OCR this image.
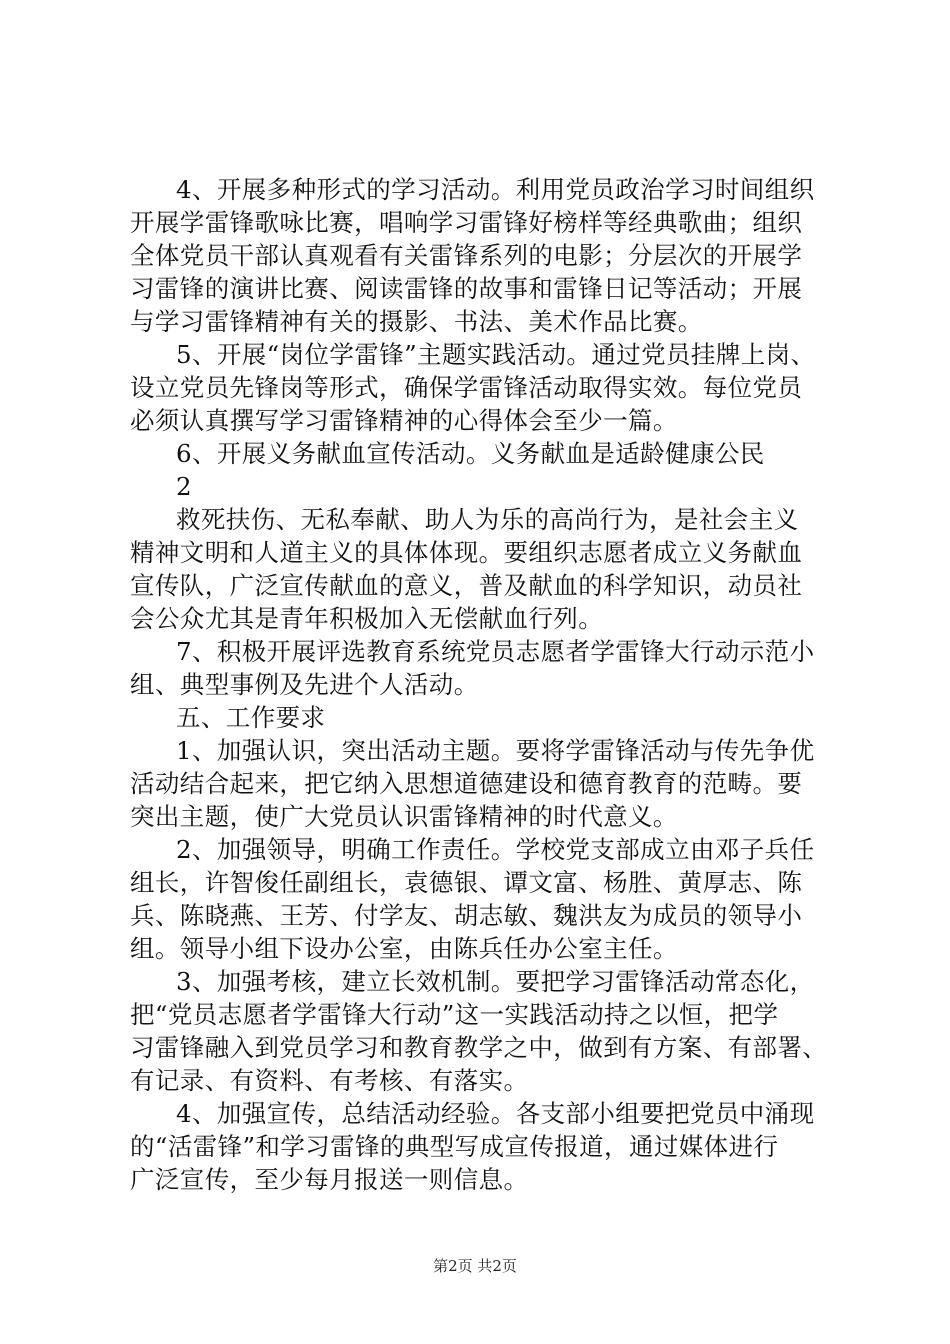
4、开展多种形式的学习活动。利用党员政治学习时间组织
开展学雷锋歌咏比赛，唱响学习雷锋好榜样等经典歌曲；组织
全体党员干部认真观看有关雷锋系列的电影；分层次的开展学
习雷锋的演讲比赛、阅读雷锋的故事和雷锋日记等活动；开展
与学习雷锋精神有关的摄影、书法、美术作品比赛。
5、开展“岗位学雷锋”主题实践活动。通过党员挂牌上岗、
设立党员先锋岗等形式，确保学雷锋活动取得实效。每位党员
必须认真撰写学习雷锋精神的心得体会至少一篇。
6、开展义务献血宣传活动。义务献血是适龄健康公民
2
救死扶伤、无私奉献、助人为乐的高尚行为，是社会主义
精神文明和人道主义的具体体现。要组织志愿者成立义务献血
宣传队，广泛宣传献血的意义，普及献血的科学知识，动员社
会公众尤其是青年积极加入无偿献血行列。
7、积极开展评选教育系统党员志愿者学雷锋大行动示范小
组、典型事例及先进个人活动。
五、工作要求
1、加强认识，突出活动主题。要将学雷锋活动与传先争优
活动结合起来，把它纳入思想道德建设和德育教育的范畴。要
突出主题，使广大党员认识雷锋精神的时代意义。
2、加强领导，明确工作责任。学校党支部成立由邓子兵任
组长，许智俊任副组长，袁德银、谭文富、杨胜、黄厚志、陈
兵、陈晓燕、王芳、付学友、胡志敏、魏洪友为成员的领导小
组。领导小组下设办公室，由陈兵任办公室主任。
3、加强考核，建立长效机制。要把学习雷锋活动常态化，
把“党员志愿者学雷锋大行动”这一实践活动持之以恒，把学
习雷锋融入到党员学习和教育教学之中，做到有方案、有部署、
有记录、有资料、有考核、有落实。
4、加强宣传，总结活动经验。各支部小组要把党员中涌现
的“活雷锋”和学习雷锋的典型写成宣传报道，通过媒体进行
广泛宣传，至少每月报送一则信息。
第2页 共2页
